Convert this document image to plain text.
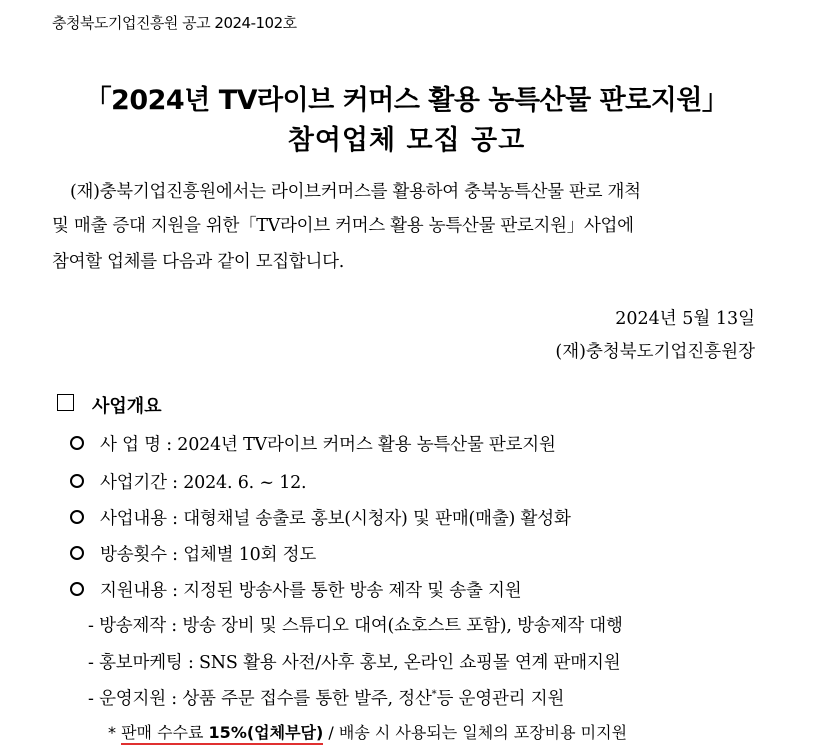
충청북도기업진흥원 공고 2024-102호
「2024년 TV라이브 커머스 활용 농특산물 판로지원」
참여업체 모집 공고
(재)충북기업진흥원에서는 라이브커머스를 활용하여 충북농특산물 판로 개척
및 매출 증대 지원을 위한「TV라이브 커머스 활용 농특산물 판로지원」사업에
참여할 업체를 다음과 같이 모집합니다.
2024년 5월 13일
(재)충청북도기업진흥원장
사업개요
사 업 명 : 2024년 TV라이브 커머스 활용 농특산물 판로지원
사업기간 : 2024. 6. ~ 12.
사업내용 : 대형채널 송출로 홍보(시청자) 및 판매(매출) 활성화
방송횟수 : 업체별 10회 정도
지원내용 : 지정된 방송사를 통한 방송 제작 및 송출 지원
- 방송제작 : 방송 장비 및 스튜디오 대여(쇼호스트 포함), 방송제작 대행
- 홍보마케팅 : SNS 활용 사전/사후 홍보, 온라인 쇼핑몰 연계 판매지원
- 운영지원 : 상품 주문 접수를 통한 발주, 정산*등 운영관리 지원
* 판매 수수료 15%(업체부담) / 배송 시 사용되는 일체의 포장비용 미지원
